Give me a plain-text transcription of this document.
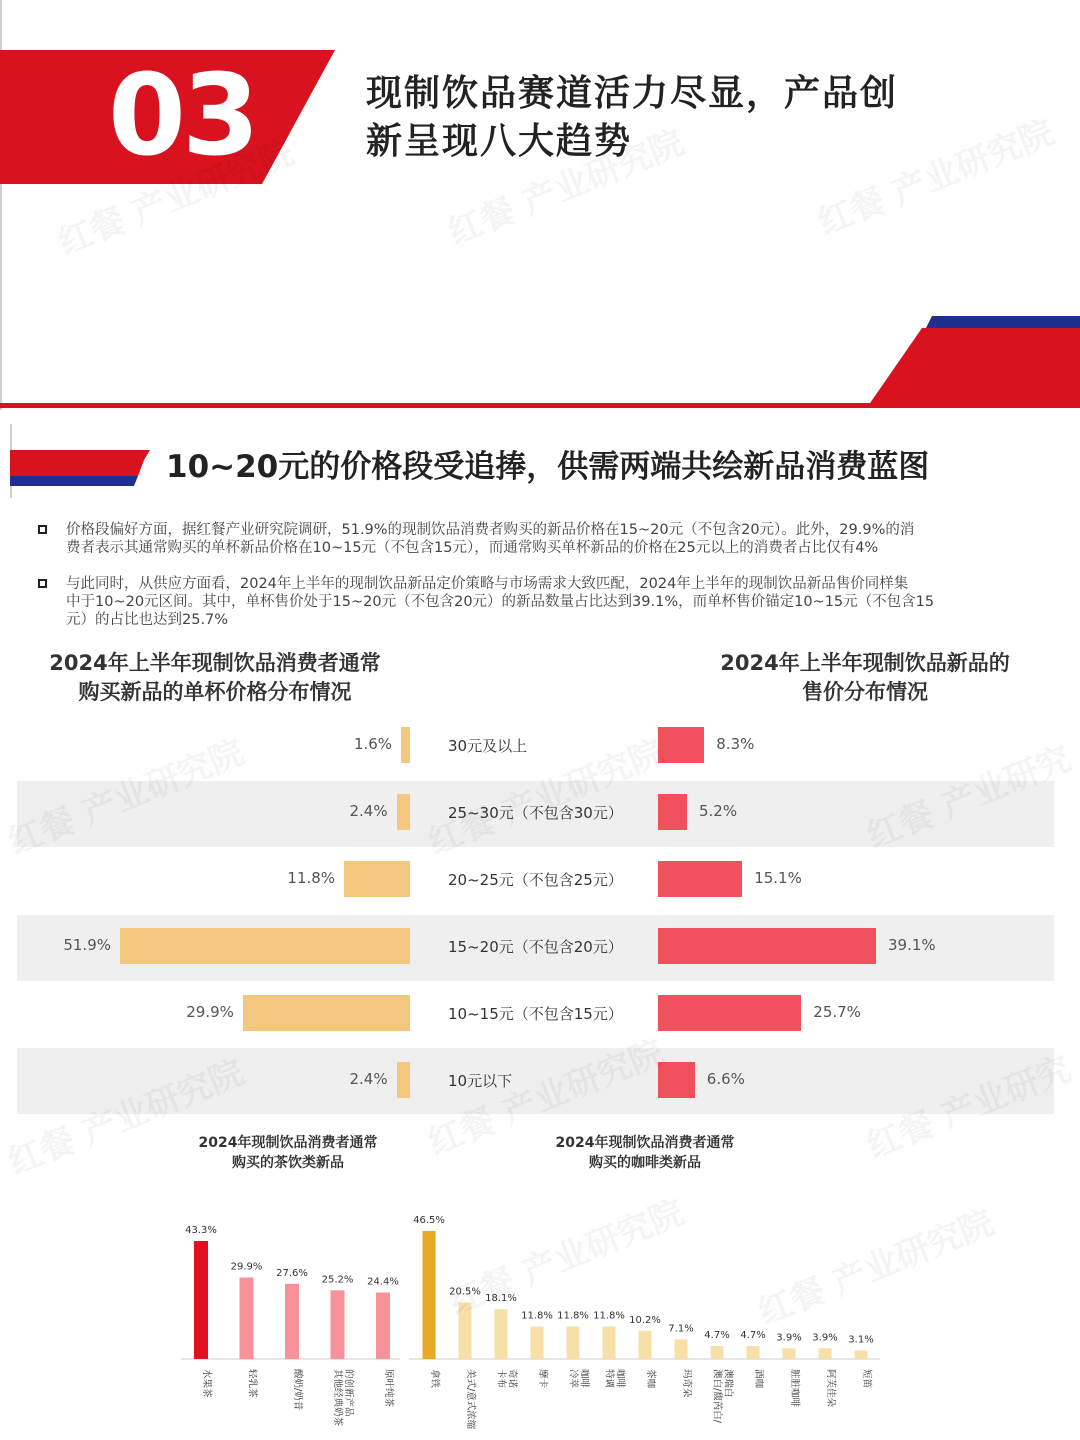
03	现制饮品赛道活力尽显，产品创
新呈现八大趋势
10~20元的价格段受追捧，供需两端共绘新品消费蓝图
价格段偏好方面，据红餐产业研究院调研，51.9%的现制饮品消费者购买的新品价格在15~20元（不包含20元）。此外，29.9%的消
费者表示其通常购买的单杯新品价格在10~15元（不包含15元），而通常购买单杯新品的价格在25元以上的消费者占比仅有4%
与此同时，从供应方面看，2024年上半年的现制饮品新品定价策略与市场需求大致匹配，2024年上半年的现制饮品新品售价同样集
中于10~20元区间。其中，单杯售价处于15~20元（不包含20元）的新品数量占比达到39.1%，而单杯售价锚定10~15元（不包含15
元）的占比也达到25.7%
2024年上半年现制饮品消费者通常
购买新品的单杯价格分布情况
2024年上半年现制饮品新品的
售价分布情况
1.6%	30元及以上	8.3%
2.4%	25~30元（不包含30元）	5.2%
11.8%	20~25元（不包含25元）	15.1%
51.9%	15~20元（不包含20元）	39.1%
29.9%	10~15元（不包含15元）	25.7%
2.4%	10元以下	6.6%
2024年现制饮品消费者通常
购买的茶饮类新品
2024年现制饮品消费者通常
购买的咖啡类新品
43.3%
水果茶
29.9%
轻乳茶
27.6%
酸奶/奶昔
25.2%
其他经典奶茶 的创新产品
24.4%
原叶纯茶
46.5%
拿铁
20.5%
美式/意式浓缩
18.1%
卡布 奇诺
11.8%
摩卡
11.8%
冷萃 咖啡
11.8%
特调 咖啡
10.2%
茶咖
7.1%
玛奇朵
4.7%
澳白/馥芮白/ 澳瑞白
4.7%
酒咖
3.9%
脏脏咖啡
3.9%
阿芙佳朵
3.1%
短笛
